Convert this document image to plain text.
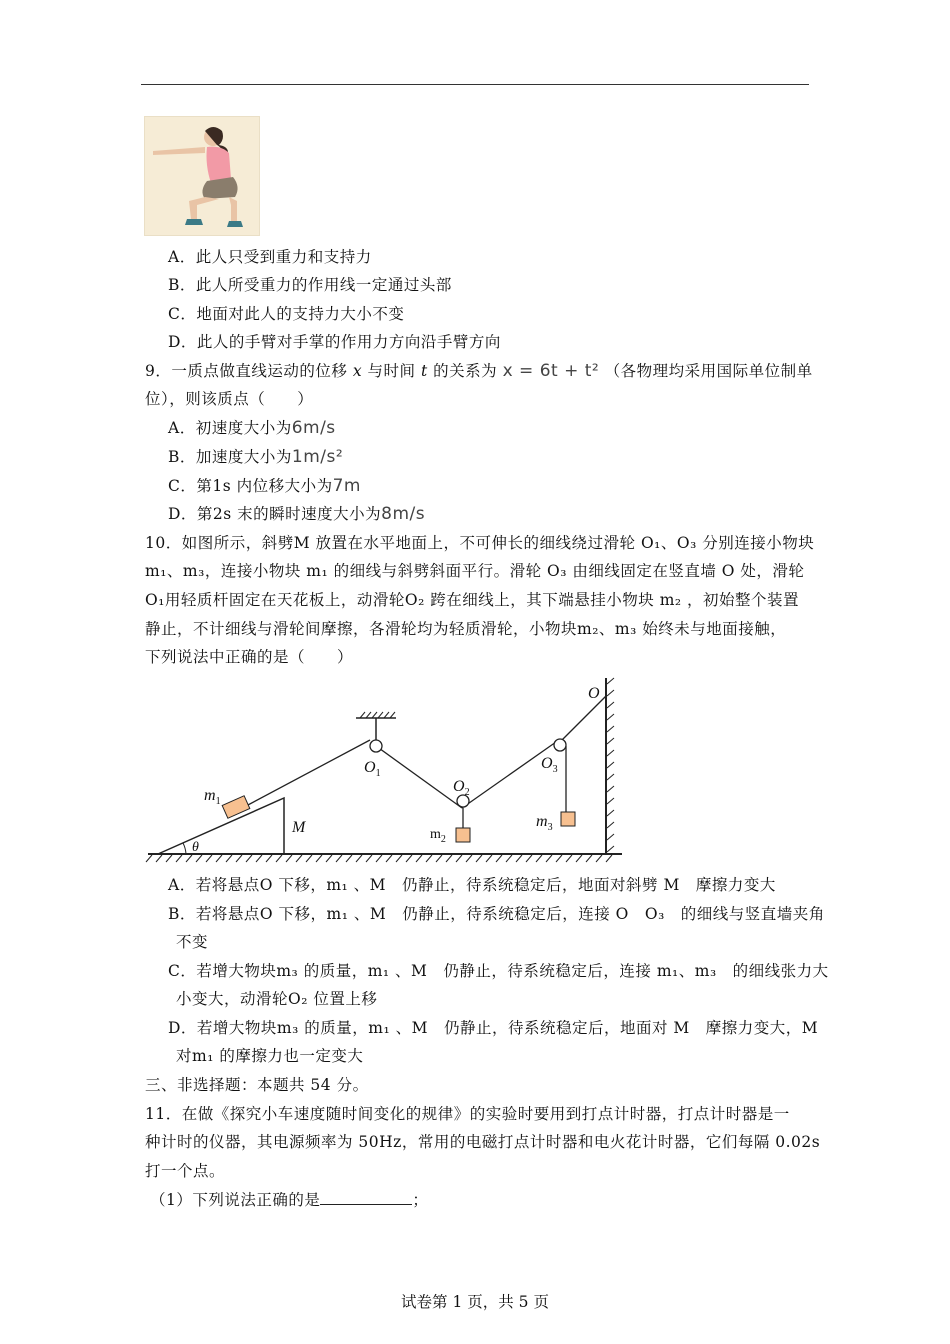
A．此人只受到重力和支持力
B．此人所受重力的作用线一定通过头部
C．地面对此人的支持力大小不变
D．此人的手臂对手掌的作用力方向沿手臂方向
9．一质点做直线运动的位移 x 与时间 t 的关系为 x = 6t + t² （各物理均采用国际单位制单
位），则该质点（　　）
A．初速度大小为6m/s
B．加速度大小为1m/s²
C．第1s 内位移大小为7m
D．第2s 末的瞬时速度大小为8m/s
10．如图所示，斜劈M 放置在水平地面上，不可伸长的细线绕过滑轮 O₁、O₃ 分别连接小物块
m₁、m₃，连接小物块 m₁ 的细线与斜劈斜面平行。滑轮 O₃ 由细线固定在竖直墙 O 处，滑轮
O₁用轻质杆固定在天花板上，动滑轮O₂ 跨在细线上，其下端悬挂小物块 m₂ ，初始整个装置
静止，不计细线与滑轮间摩擦，各滑轮均为轻质滑轮，小物块m₂、m₃ 始终未与地面接触，
下列说法中正确的是（　　）
O
$O_1$
$O_2$
$O_3$
$m_1$
$m_2$
$m_3$
M
θ
A．若将悬点O 下移，m₁ 、M　仍静止，待系统稳定后，地面对斜劈 M　摩擦力变大
B．若将悬点O 下移，m₁ 、M　仍静止，待系统稳定后，连接 O　O₃　的细线与竖直墙夹角
不变
C．若增大物块m₃ 的质量，m₁ 、M　仍静止，待系统稳定后，连接 m₁、m₃　的细线张力大
小变大，动滑轮O₂ 位置上移
D．若增大物块m₃ 的质量，m₁ 、M　仍静止，待系统稳定后，地面对 M　摩擦力变大，M
对m₁ 的摩擦力也一定变大
三、非选择题：本题共 54 分。
11．在做《探究小车速度随时间变化的规律》的实验时要用到打点计时器，打点计时器是一
种计时的仪器，其电源频率为 50Hz，常用的电磁打点计时器和电火花计时器，它们每隔 0.02s
打一个点。
（1）下列说法正确的是	；
试卷第 1 页，共 5 页
